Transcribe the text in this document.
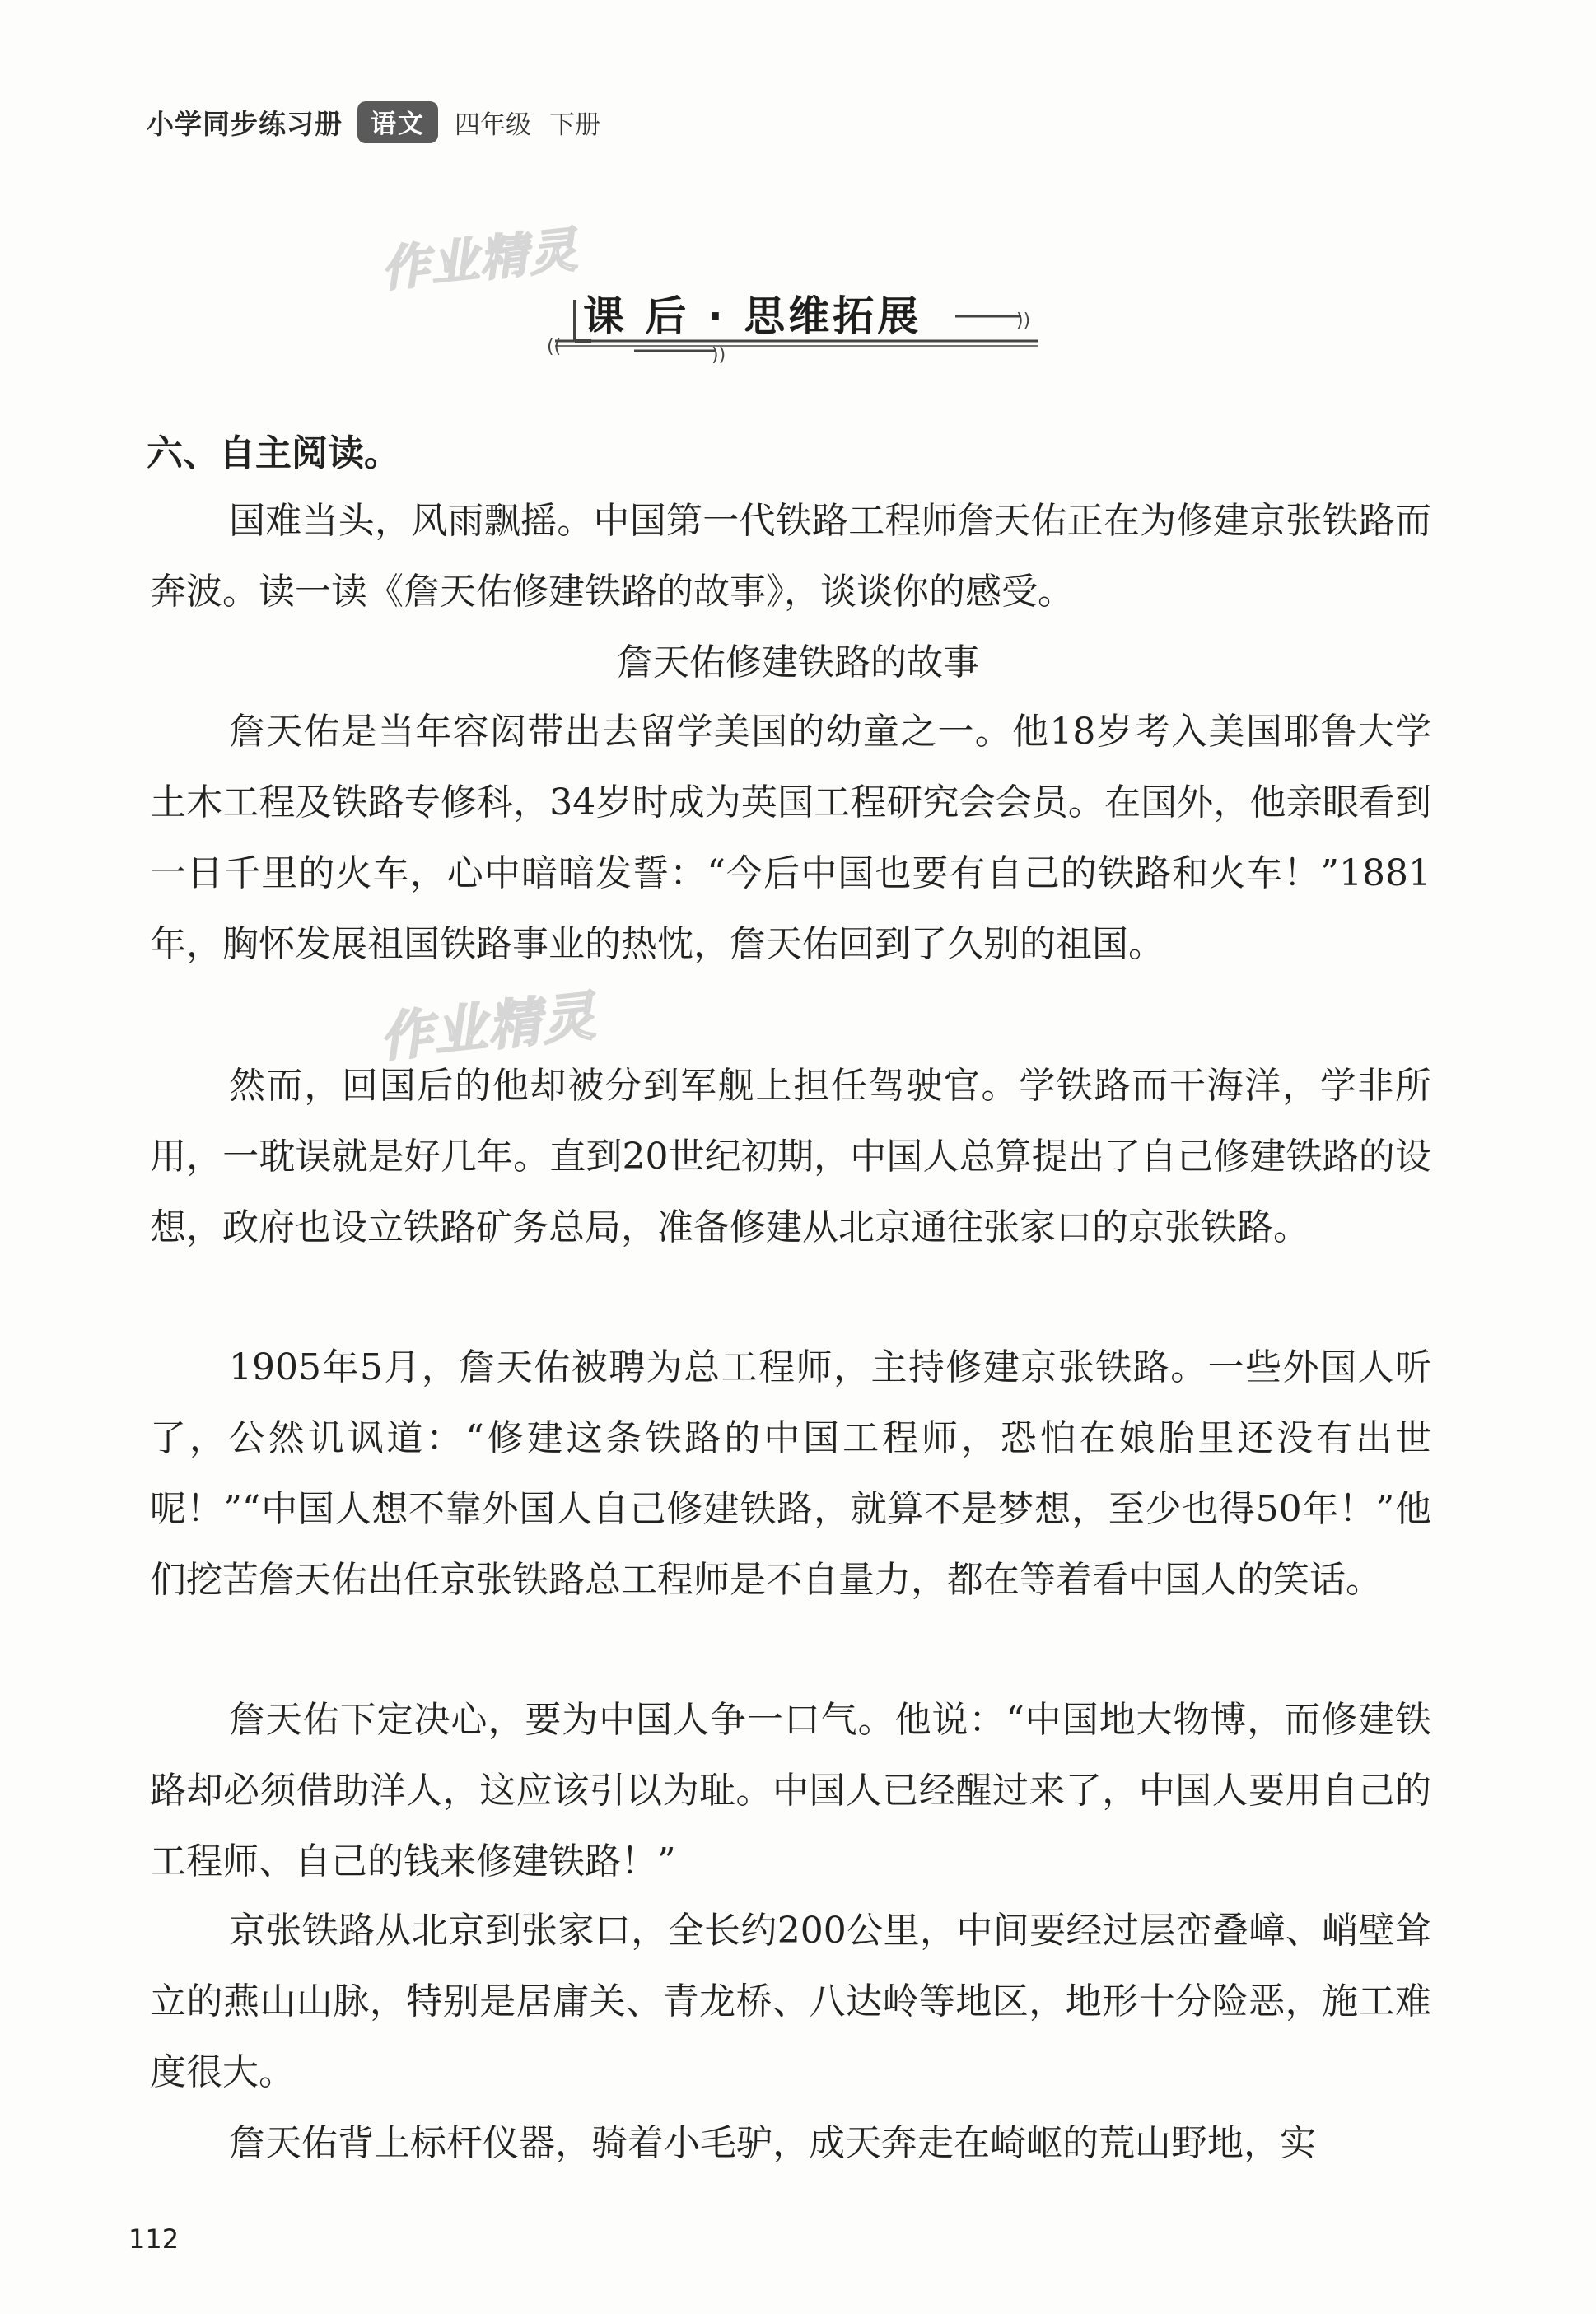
小学同步练习册	语文	四年级 下册
作业精灵
((
))
))
课 后 · 思维拓展
六、自主阅读。

国难当头，风雨飘摇。中国第一代铁路工程师詹天佑正在为修建京张铁路而奔波。读一读《詹天佑修建铁路的故事》，谈谈你的感受。

詹天佑修建铁路的故事

詹天佑是当年容闳带出去留学美国的幼童之一。他18岁考入美国耶鲁大学土木工程及铁路专修科，34岁时成为英国工程研究会会员。在国外，他亲眼看到一日千里的火车，心中暗暗发誓：“今后中国也要有自己的铁路和火车！”1881年，胸怀发展祖国铁路事业的热忱，詹天佑回到了久别的祖国。

作业精灵

然而，回国后的他却被分到军舰上担任驾驶官。学铁路而干海洋，学非所用，一耽误就是好几年。直到20世纪初期，中国人总算提出了自己修建铁路的设想，政府也设立铁路矿务总局，准备修建从北京通往张家口的京张铁路。

1905年5月，詹天佑被聘为总工程师，主持修建京张铁路。一些外国人听了，公然讥讽道：“修建这条铁路的中国工程师，恐怕在娘胎里还没有出世呢！”“中国人想不靠外国人自己修建铁路，就算不是梦想，至少也得50年！”他们挖苦詹天佑出任京张铁路总工程师是不自量力，都在等着看中国人的笑话。

詹天佑下定决心，要为中国人争一口气。他说：“中国地大物博，而修建铁路却必须借助洋人，这应该引以为耻。中国人已经醒过来了，中国人要用自己的工程师、自己的钱来修建铁路！”

京张铁路从北京到张家口，全长约200公里，中间要经过层峦叠嶂、峭壁耸立的燕山山脉，特别是居庸关、青龙桥、八达岭等地区，地形十分险恶，施工难度很大。

詹天佑背上标杆仪器，骑着小毛驴，成天奔走在崎岖的荒山野地，实

112
